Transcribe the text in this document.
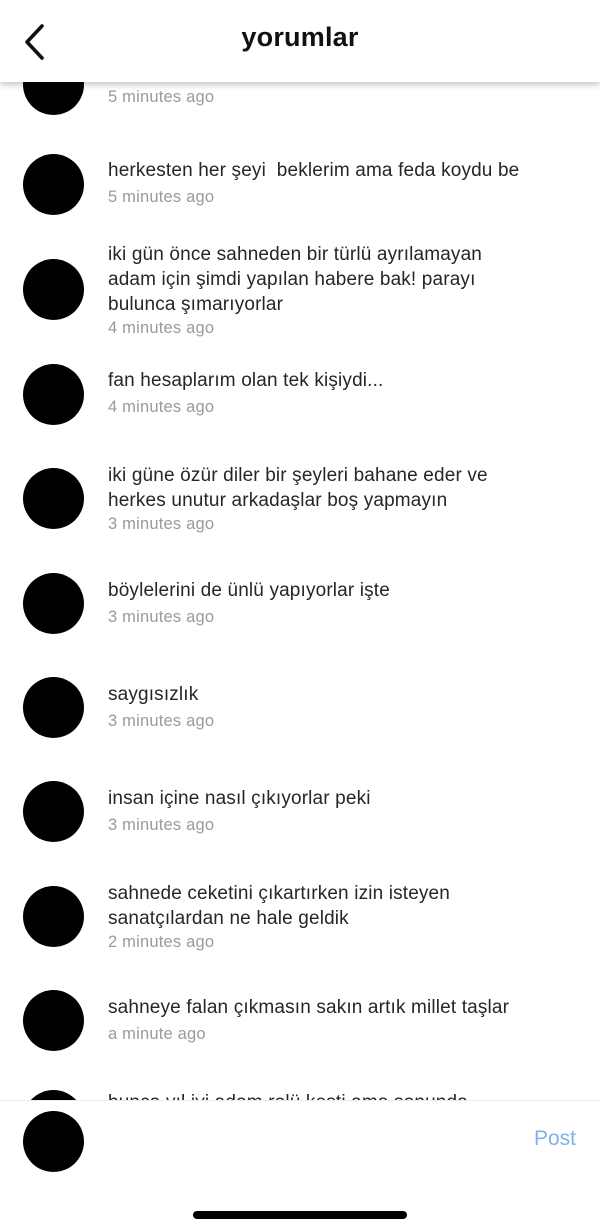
5 minutes ago
herkesten her şeyi  beklerim ama feda koydu be
5 minutes ago
iki gün önce sahneden bir türlü ayrılamayan adam için şimdi yapılan habere bak! parayı bulunca şımarıyorlar
4 minutes ago
fan hesaplarım olan tek kişiydi...
4 minutes ago
iki güne özür diler bir şeyleri bahane eder ve herkes unutur arkadaşlar boş yapmayın
3 minutes ago
böylelerini de ünlü yapıyorlar işte
3 minutes ago
saygısızlık
3 minutes ago
insan içine nasıl çıkıyorlar peki
3 minutes ago
sahnede ceketini çıkartırken izin isteyen sanatçılardan ne hale geldik
2 minutes ago
sahneye falan çıkmasın sakın artık millet taşlar
a minute ago
yorumlar
Post
